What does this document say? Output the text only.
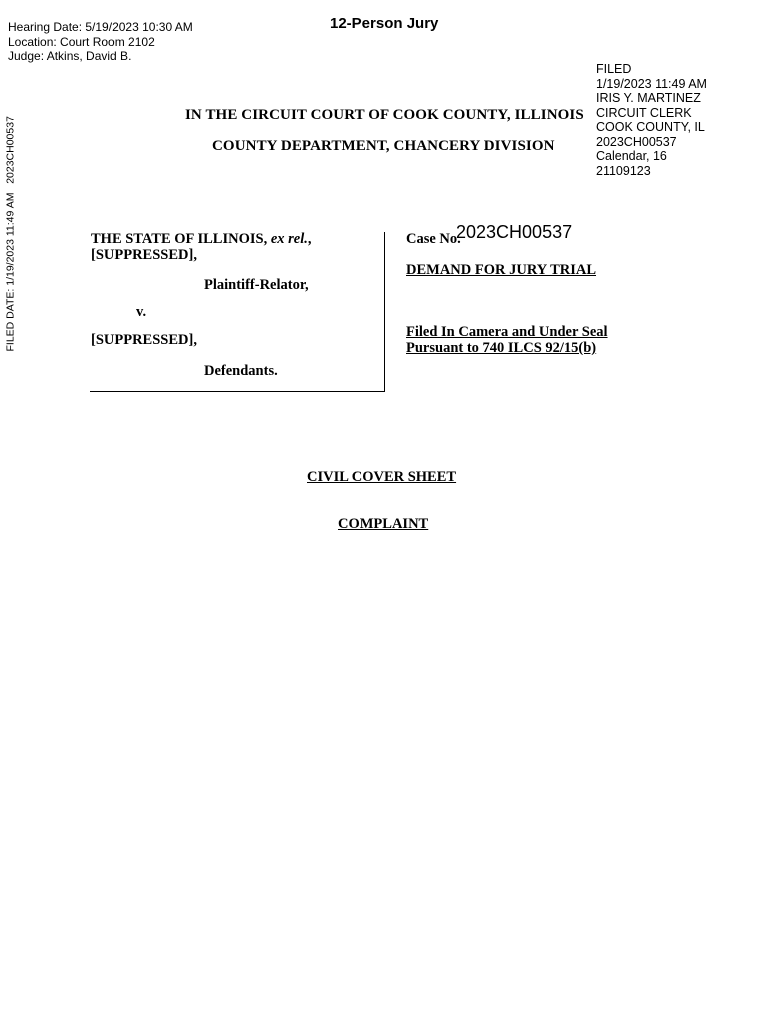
Hearing Date: 5/19/2023 10:30 AM
Location: Court Room 2102
Judge: Atkins, David B.
12-Person Jury
FILED
1/19/2023 11:49 AM
IRIS Y. MARTINEZ
CIRCUIT CLERK
COOK COUNTY, IL
2023CH00537
Calendar, 16
21109123
FILED DATE: 1/19/2023 11:49 AM   2023CH00537
IN THE CIRCUIT COURT OF COOK COUNTY, ILLINOIS
COUNTY DEPARTMENT, CHANCERY DIVISION
THE STATE OF ILLINOIS, ex rel.,
[SUPPRESSED],
Plaintiff-Relator,
v.
[SUPPRESSED],
Defendants.
Case No.
2023CH00537
DEMAND FOR JURY TRIAL
Filed In Camera and Under Seal
Pursuant to 740 ILCS 92/15(b)
CIVIL COVER SHEET
COMPLAINT
